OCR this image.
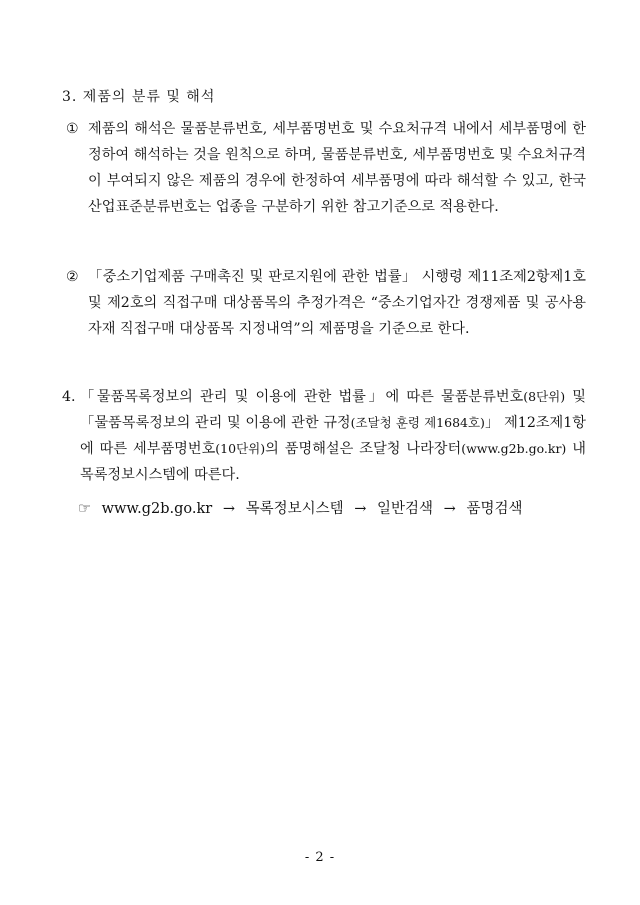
3. 제품의 분류 및 해석
① 제품의 해석은 물품분류번호, 세부품명번호 및 수요처규격 내에서 세부품명에 한정하여 해석하는 것을 원칙으로 하며, 물품분류번호, 세부품명번호 및 수요처규격이 부여되지 않은 제품의 경우에 한정하여 세부품명에 따라 해석할 수 있고, 한국산업표준분류번호는 업종을 구분하기 위한 참고기준으로 적용한다.
② 「중소기업제품 구매촉진 및 판로지원에 관한 법률」 시행령 제11조제2항제1호 및 제2호의 직접구매 대상품목의 추정가격은 “중소기업자간 경쟁제품 및 공사용자재 직접구매 대상품목 지정내역”의 제품명을 기준으로 한다.
4. 「물품목록정보의 관리 및 이용에 관한 법률」에 따른 물품분류번호(8단위) 및 「물품목록정보의 관리 및 이용에 관한 규정(조달청 훈령 제1684호)」 제12조제1항에 따른 세부품명번호(10단위)의 품명해설은 조달청 나라장터(www.g2b.go.kr) 내 목록정보시스템에 따른다.
☞ www.g2b.go.kr → 목록정보시스템 → 일반검색 → 품명검색
- 2 -
